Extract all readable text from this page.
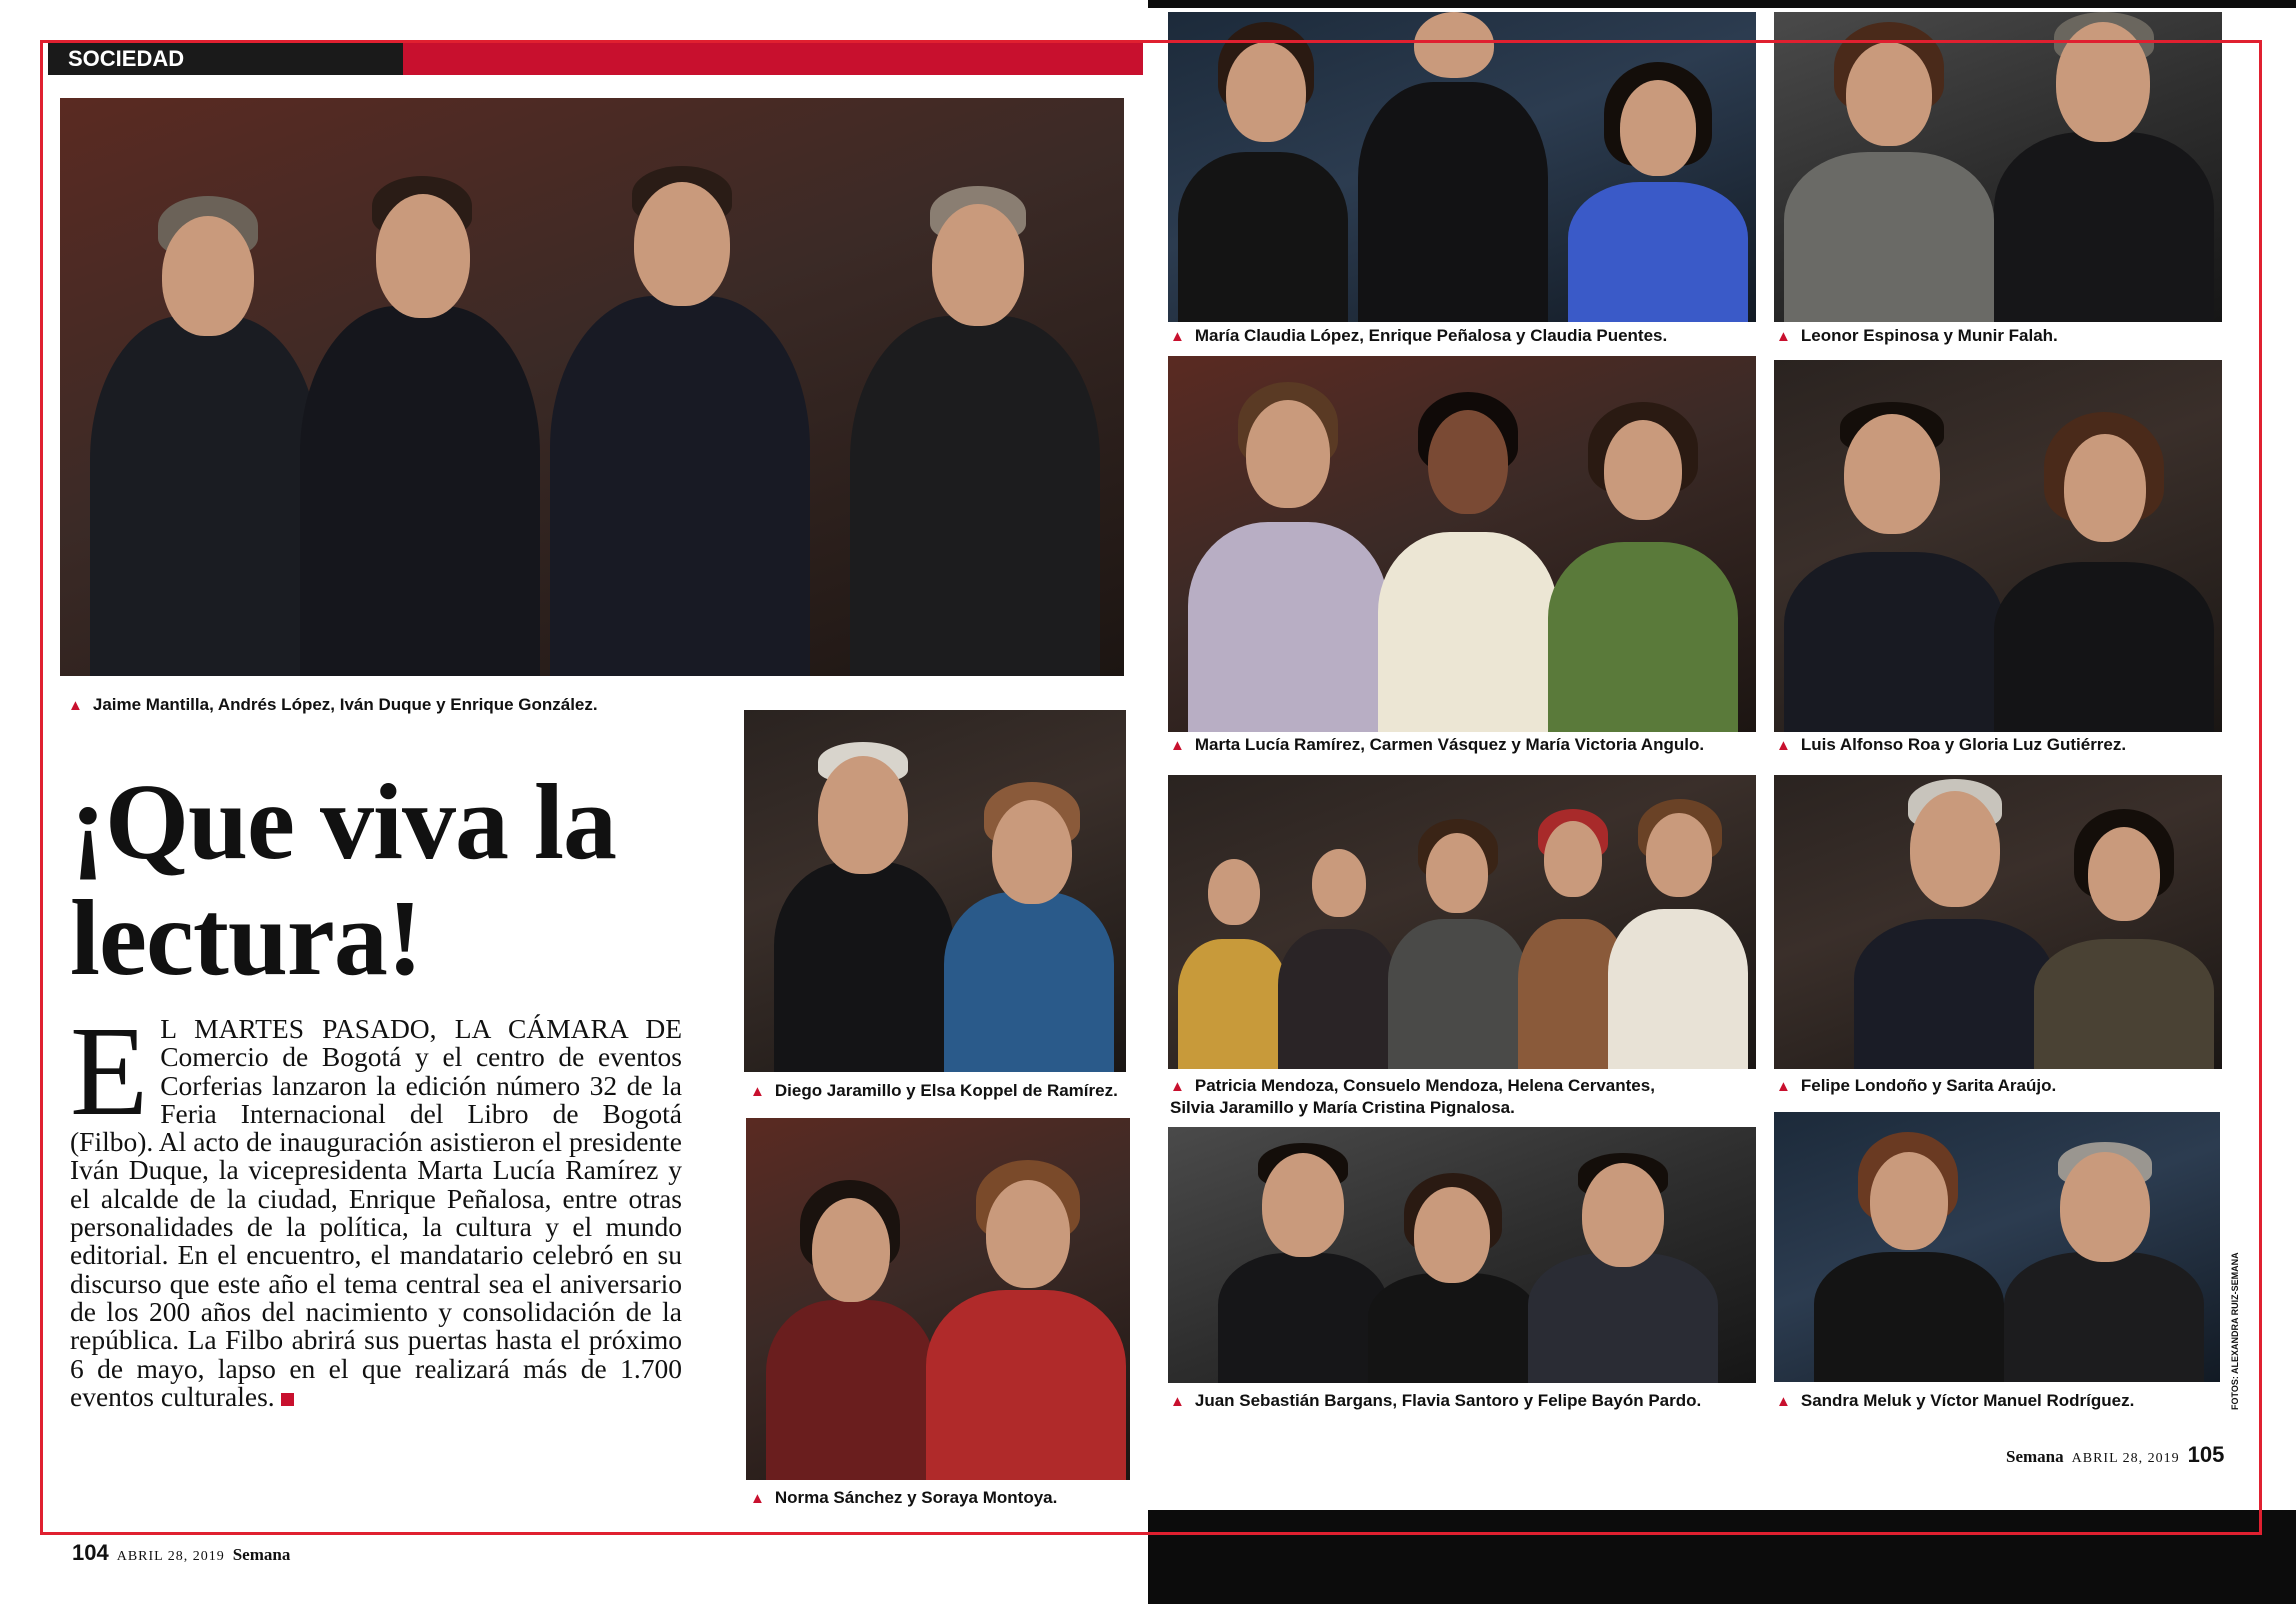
SOCIEDAD
▲ Jaime Mantilla, Andrés López, Iván Duque y Enrique González.
¡Que viva la lectura!
E L MARTES PASADO, LA CÁMARA DE Comercio de Bogotá y el centro de eventos Corferias lanzaron la edición número 32 de la Feria Internacional del Libro de Bogotá (Filbo). Al acto de inauguración asistieron el presidente Iván Duque, la vicepresidenta Marta Lucía Ramírez y el alcalde de la ciudad, Enrique Peñalosa, entre otras personalidades de la política, la cultura y el mundo editorial. En el encuentro, el mandatario celebró en su discurso que este año el tema central sea el aniversario de los 200 años del nacimiento y consolidación de la república. La Filbo abrirá sus puertas hasta el próximo 6 de mayo, lapso en el que realizará más de 1.700 eventos culturales.
▲ Diego Jaramillo y Elsa Koppel de Ramírez.
▲ Norma Sánchez y Soraya Montoya.
104 ABRIL 28, 2019 Semana
▲ María Claudia López, Enrique Peñalosa y Claudia Puentes.
▲ Marta Lucía Ramírez, Carmen Vásquez y María Victoria Angulo.
▲ Patricia Mendoza, Consuelo Mendoza, Helena Cervantes,
Silvia Jaramillo y María Cristina Pignalosa.
▲ Juan Sebastián Bargans, Flavia Santoro y Felipe Bayón Pardo.
▲ Leonor Espinosa y Munir Falah.
▲ Luis Alfonso Roa y Gloria Luz Gutiérrez.
▲ Felipe Londoño y Sarita Araújo.
▲ Sandra Meluk y Víctor Manuel Rodríguez.	FOTOS: ALEXANDRA RUIZ-SEMANA
Semana ABRIL 28, 2019 105
